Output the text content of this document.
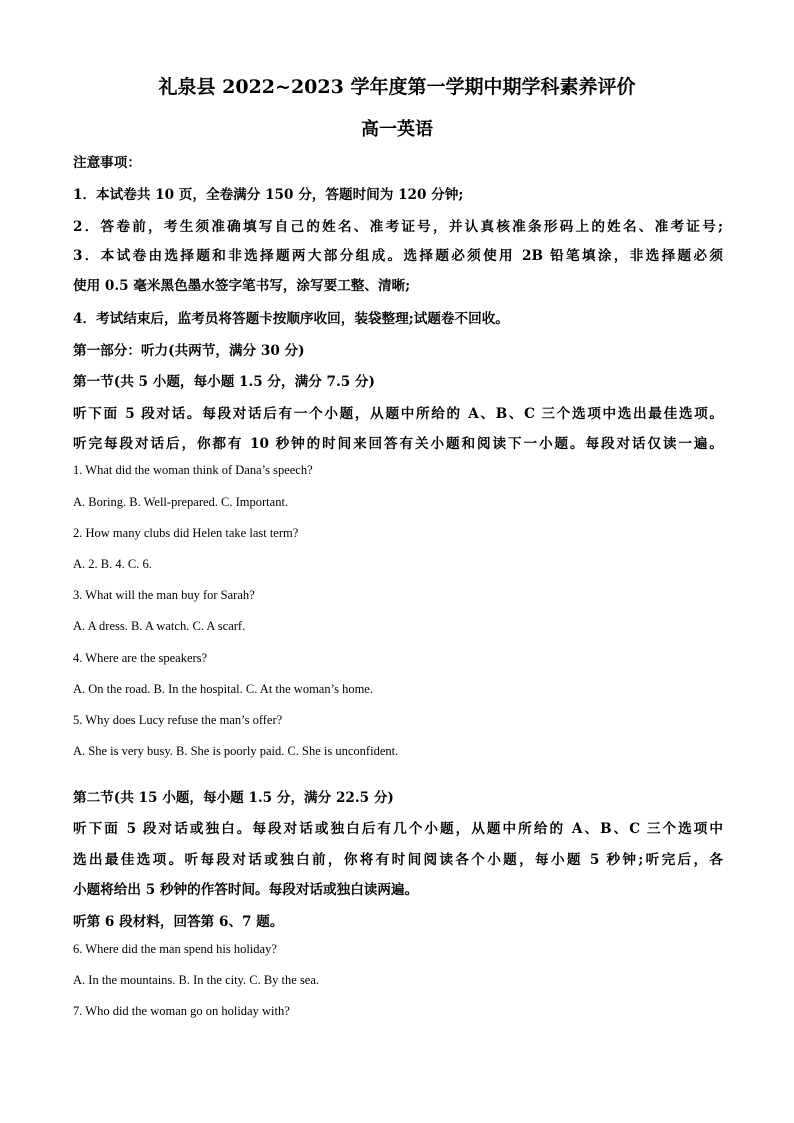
礼泉县 2022~2023 学年度第一学期中期学科素养评价
高一英语
注意事项：
1．本试卷共 10 页，全卷满分 150 分，答题时间为 120 分钟;
2．答卷前，考生须准确填写自己的姓名、准考证号，并认真核准条形码上的姓名、准考证号;
3．本试卷由选择题和非选择题两大部分组成。选择题必须使用 2B 铅笔填涂，非选择题必须
使用 0.5 毫米黑色墨水签字笔书写，涂写要工整、清晰;
4．考试结束后，监考员将答题卡按顺序收回，装袋整理;试题卷不回收。
第一部分：听力(共两节，满分 30 分)
第一节(共 5 小题，每小题 1.5 分，满分 7.5 分)
听下面 5 段对话。每段对话后有一个小题，从题中所给的 A、B、C 三个选项中选出最佳选项。
听完每段对话后，你都有 10 秒钟的时间来回答有关小题和阅读下一小题。每段对话仅读一遍。
1. What did the woman think of Dana’s speech?
A. Boring. B. Well-prepared. C. Important.
2. How many clubs did Helen take last term?
A. 2. B. 4. C. 6.
3. What will the man buy for Sarah?
A. A dress. B. A watch. C. A scarf.
4. Where are the speakers?
A. On the road. B. In the hospital. C. At the woman’s home.
5. Why does Lucy refuse the man’s offer?
A. She is very busy. B. She is poorly paid. C. She is unconfident.
第二节(共 15 小题，每小题 1.5 分，满分 22.5 分)
听下面 5 段对话或独白。每段对话或独白后有几个小题，从题中所给的 A、B、C 三个选项中
选出最佳选项。听每段对话或独白前，你将有时间阅读各个小题，每小题 5 秒钟;听完后，各
小题将给出 5 秒钟的作答时间。每段对话或独白读两遍。
听第 6 段材料，回答第 6、7 题。
6. Where did the man spend his holiday?
A. In the mountains. B. In the city. C. By the sea.
7. Who did the woman go on holiday with?
